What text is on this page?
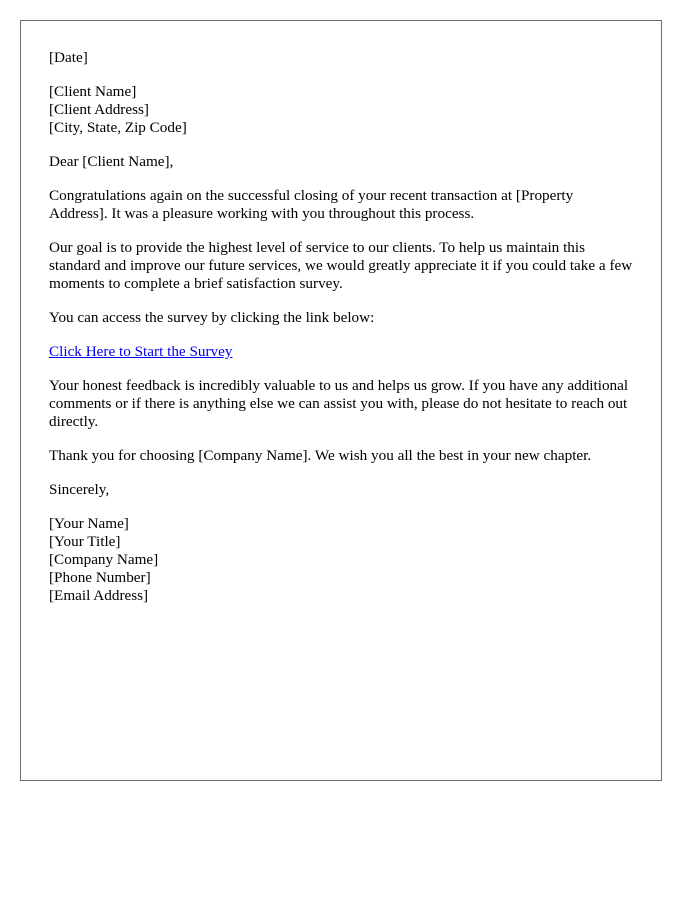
[Date]

[Client Name]
[Client Address]
[City, State, Zip Code]

Dear [Client Name],

Congratulations again on the successful closing of your recent transaction at [Property Address]. It was a pleasure working with you throughout this process.

Our goal is to provide the highest level of service to our clients. To help us maintain this standard and improve our future services, we would greatly appreciate it if you could take a few moments to complete a brief satisfaction survey.

You can access the survey by clicking the link below:

Click Here to Start the Survey

Your honest feedback is incredibly valuable to us and helps us grow. If you have any additional comments or if there is anything else we can assist you with, please do not hesitate to reach out directly.

Thank you for choosing [Company Name]. We wish you all the best in your new chapter.

Sincerely,

[Your Name]
[Your Title]
[Company Name]
[Phone Number]
[Email Address]
